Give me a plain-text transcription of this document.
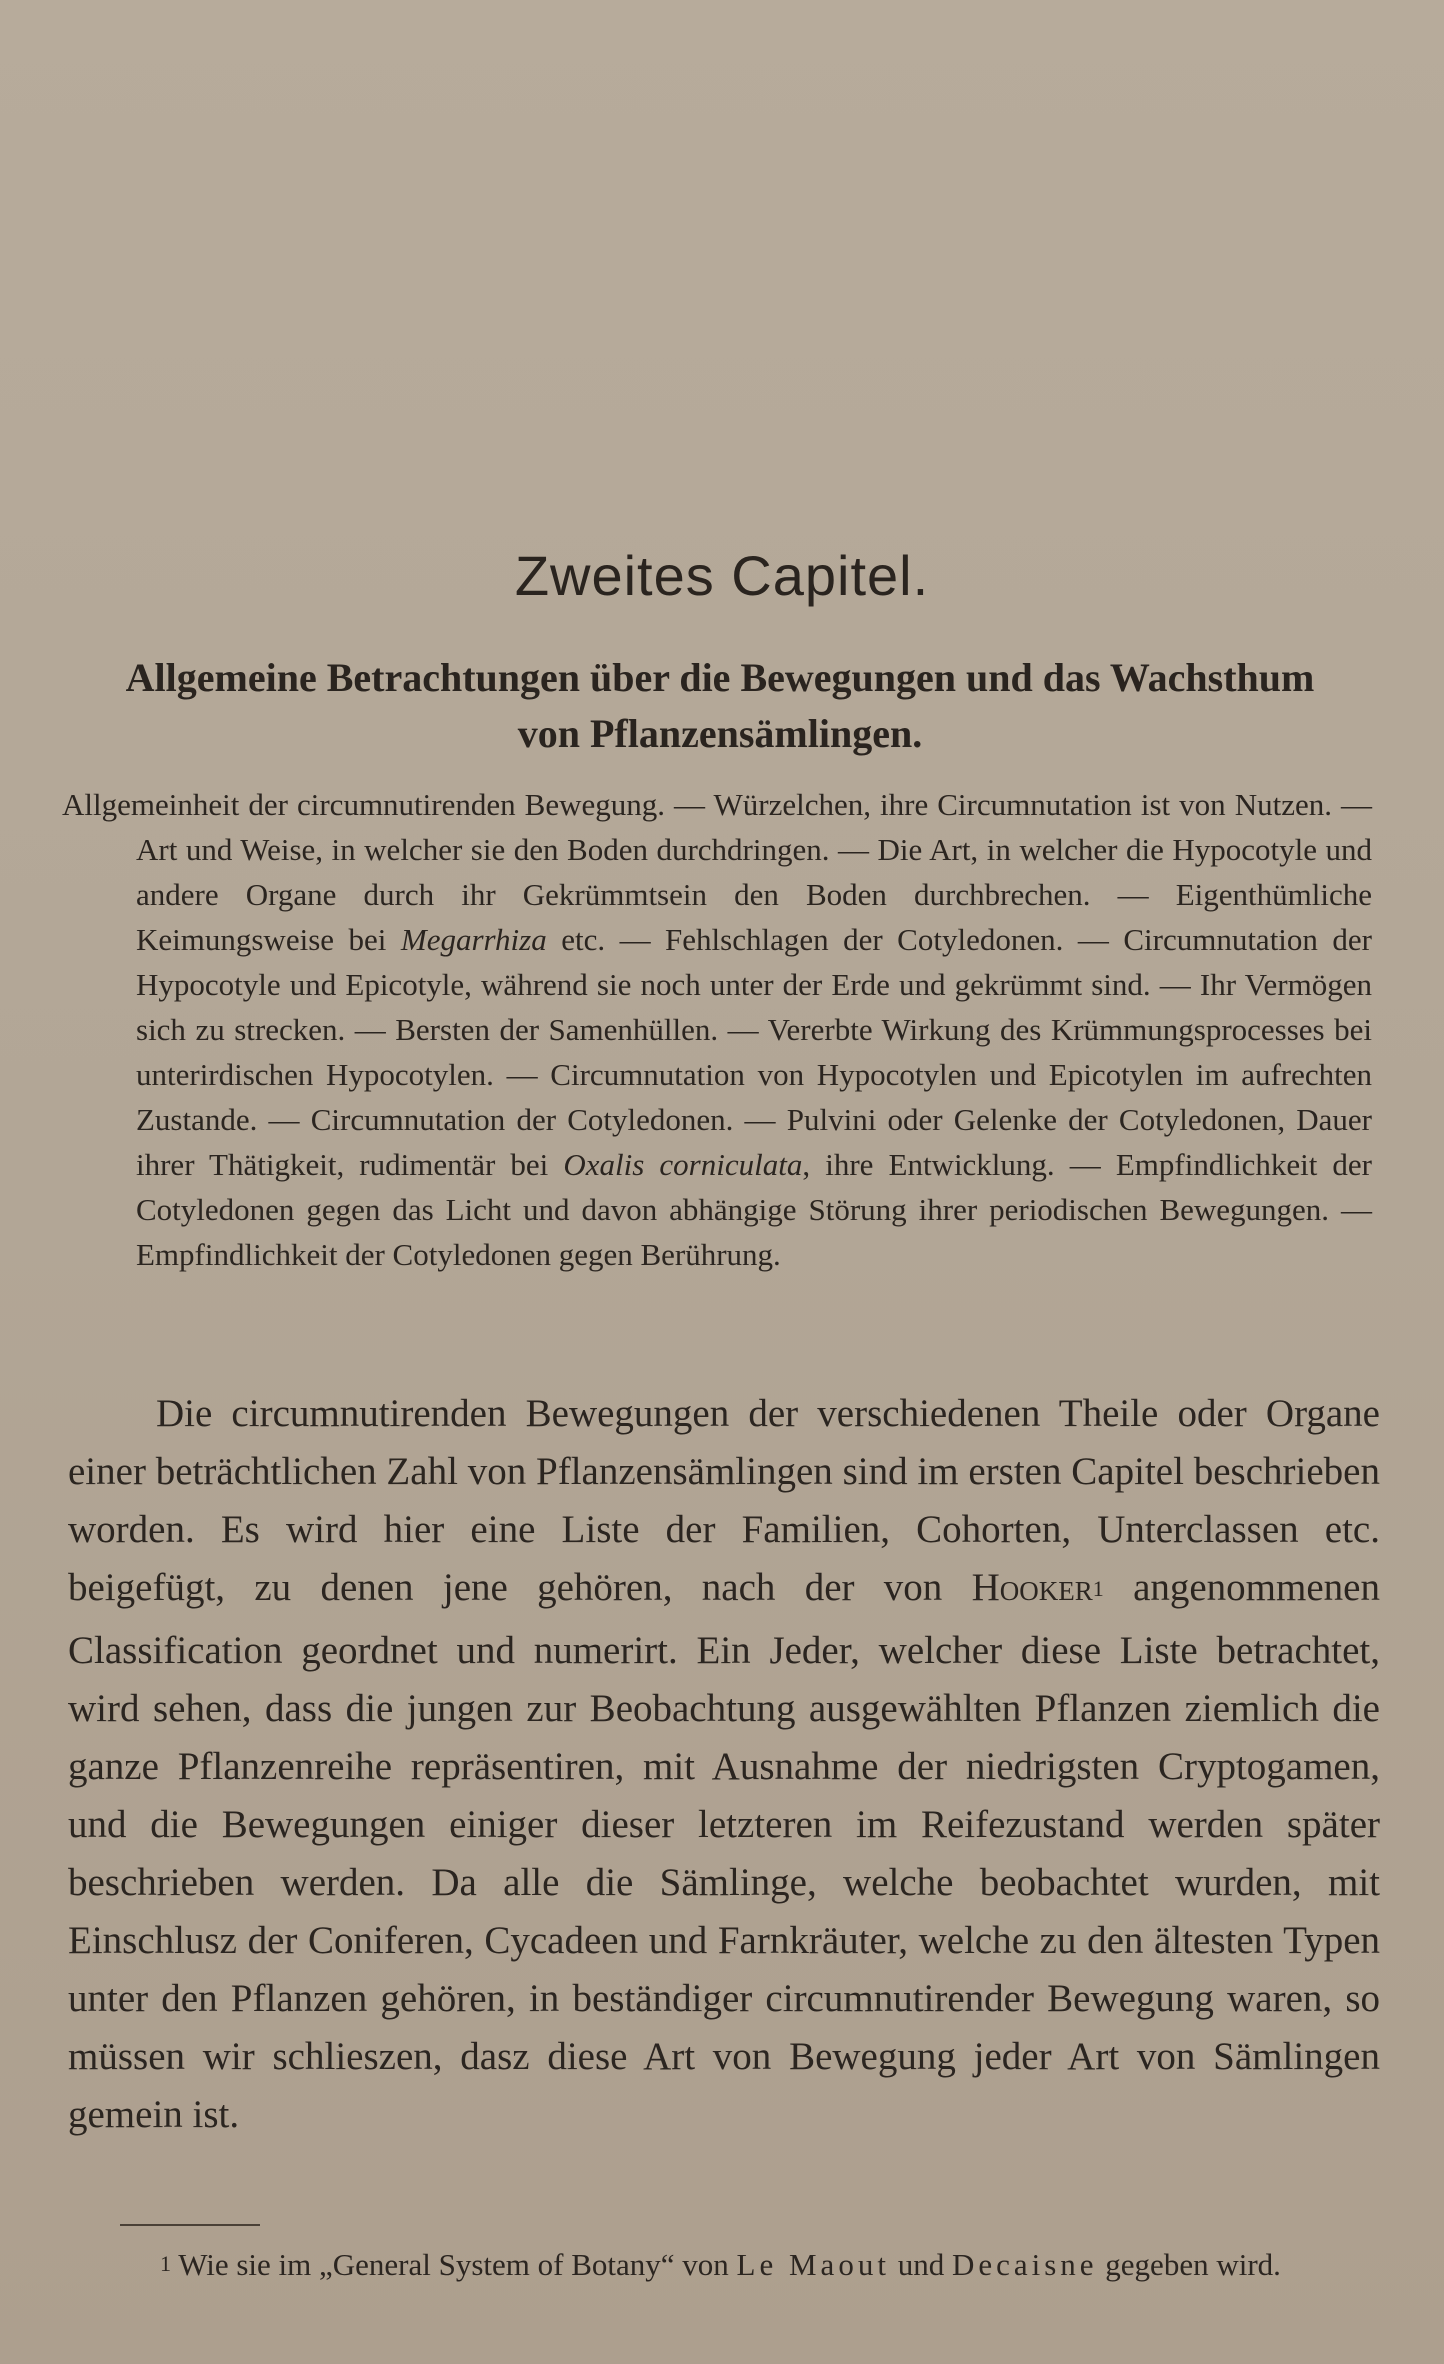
Zweites Capitel.
Allgemeine Betrachtungen über die Bewegungen und das Wachsthum von Pflanzensämlingen.

Allgemeinheit der circumnutirenden Bewegung. — Würzelchen, ihre Circumnutation ist von Nutzen. — Art und Weise, in welcher sie den Boden durchdringen. — Die Art, in welcher die Hypocotyle und andere Organe durch ihr Gekrümmtsein den Boden durchbrechen. — Eigenthümliche Keimungsweise bei Megarrhiza etc. — Fehlschlagen der Cotyledonen. — Circumnutation der Hypocotyle und Epicotyle, während sie noch unter der Erde und gekrümmt sind. — Ihr Vermögen sich zu strecken. — Bersten der Samenhüllen. — Vererbte Wirkung des Krümmungsprocesses bei unterirdischen Hypocotylen. — Circumnutation von Hypocotylen und Epicotylen im aufrechten Zustande. — Circumnutation der Cotyledonen. — Pulvini oder Gelenke der Cotyledonen, Dauer ihrer Thätigkeit, rudimentär bei Oxalis corniculata, ihre Entwicklung. — Empfindlichkeit der Cotyledonen gegen das Licht und davon abhängige Störung ihrer periodischen Bewegungen. — Empfindlichkeit der Cotyledonen gegen Berührung.

Die circumnutirenden Bewegungen der verschiedenen Theile oder Organe einer beträchtlichen Zahl von Pflanzensämlingen sind im ersten Capitel beschrieben worden. Es wird hier eine Liste der Familien, Cohorten, Unterclassen etc. beigefügt, zu denen jene gehören, nach der von Hooker1 angenommenen Classification geordnet und numerirt. Ein Jeder, welcher diese Liste betrachtet, wird sehen, dass die jungen zur Beobachtung ausgewählten Pflanzen ziemlich die ganze Pflanzenreihe repräsentiren, mit Ausnahme der niedrigsten Cryptogamen, und die Bewegungen einiger dieser letzteren im Reifezustand werden später beschrieben werden. Da alle die Sämlinge, welche beobachtet wurden, mit Einschlusz der Coniferen, Cycadeen und Farnkräuter, welche zu den ältesten Typen unter den Pflanzen gehören, in beständiger circumnutirender Bewegung waren, so müssen wir schlieszen, dasz diese Art von Bewegung jeder Art von Sämlingen gemein ist.

1 Wie sie im „General System of Botany“ von Le Maout und Decaisne gegeben wird.
